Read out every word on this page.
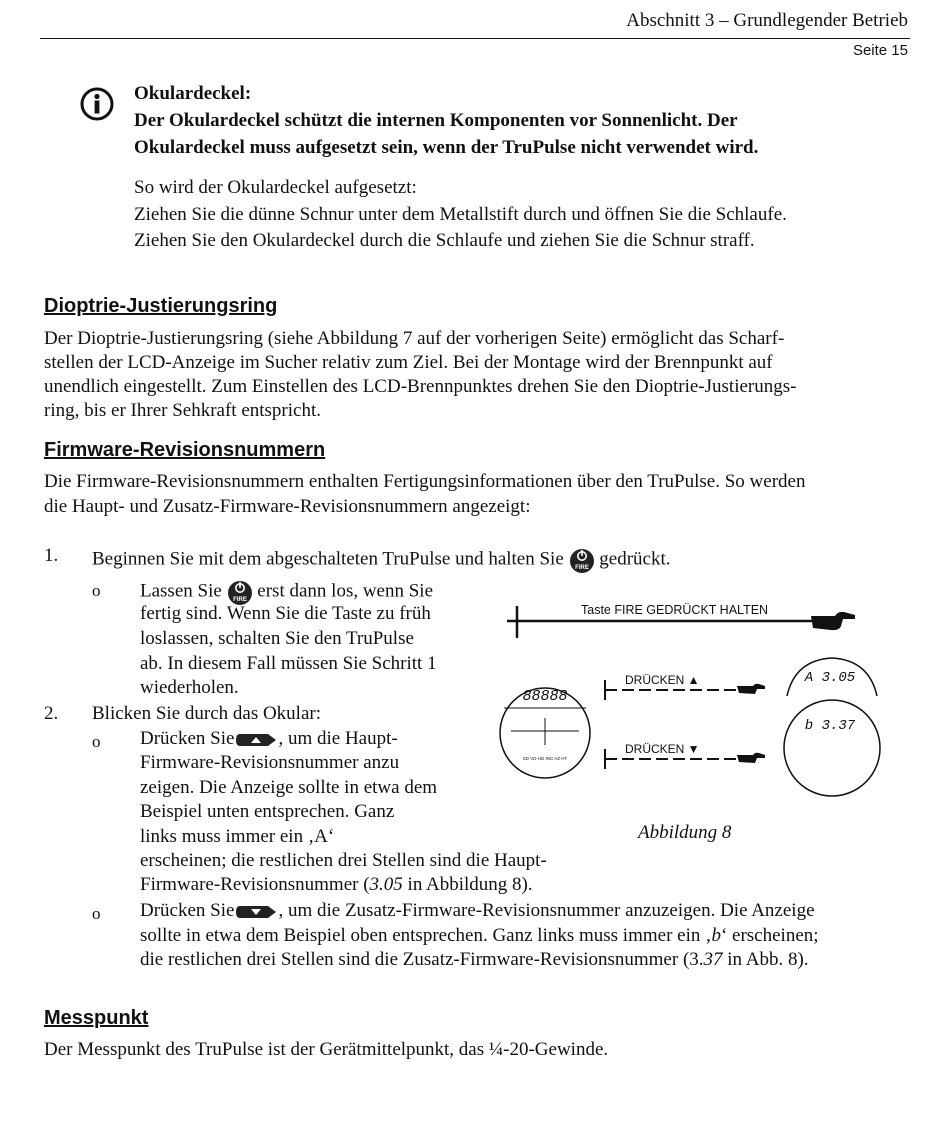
Abschnitt 3 – Grundlegender Betrieb
Seite 15
Okulardeckel:
Der Okulardeckel schützt die internen Komponenten vor Sonnenlicht. Der
Okulardeckel muss aufgesetzt sein, wenn der TruPulse nicht verwendet wird.
So wird der Okulardeckel aufgesetzt:
Ziehen Sie die dünne Schnur unter dem Metallstift durch und öffnen Sie die Schlaufe.
Ziehen Sie den Okulardeckel durch die Schlaufe und ziehen Sie die Schnur straff.
Dioptrie-Justierungsring
Der Dioptrie-Justierungsring (siehe Abbildung 7 auf der vorherigen Seite) ermöglicht das Scharf-
stellen der LCD-Anzeige im Sucher relativ zum Ziel. Bei der Montage wird der Brennpunkt auf
unendlich eingestellt. Zum Einstellen des LCD-Brennpunktes drehen Sie den Dioptrie-Justierungs-
ring, bis er Ihrer Sehkraft entspricht.
Firmware-Revisionsnummern
Die Firmware-Revisionsnummern enthalten Fertigungsinformationen über den TruPulse. So werden
die Haupt- und Zusatz-Firmware-Revisionsnummern angezeigt:
1. Beginnen Sie mit dem abgeschalteten TruPulse und halten Sie FIRE gedrückt.
o Lassen Sie FIRE erst dann los, wenn Sie
fertig sind. Wenn Sie die Taste zu früh
loslassen, schalten Sie den TruPulse
ab. In diesem Fall müssen Sie Schritt 1
wiederholen.
2. Blicken Sie durch das Okular:
o Drücken Sie , um die Haupt-
Firmware-Revisionsnummer anzu
zeigen. Die Anzeige sollte in etwa dem
Beispiel unten entsprechen. Ganz
links muss immer ein ‚A‘
erscheinen; die restlichen drei Stellen sind die Haupt-
Firmware-Revisionsnummer (3.05 in Abbildung 8).
o Drücken Sie , um die Zusatz-Firmware-Revisionsnummer anzuzeigen. Die Anzeige
sollte in etwa dem Beispiel oben entsprechen. Ganz links muss immer ein ‚b‘ erscheinen;
die restlichen drei Stellen sind die Zusatz-Firmware-Revisionsnummer (3.37 in Abb. 8).
Taste FIRE GEDRÜCKT HALTEN
88888
SD VD HD INC AZ HT
DRÜCKEN ▲
DRÜCKEN ▼
A 3.05
b 3.37
Abbildung 8
Messpunkt
Der Messpunkt des TruPulse ist der Gerätmittelpunkt, das ¼-20-Gewinde.
